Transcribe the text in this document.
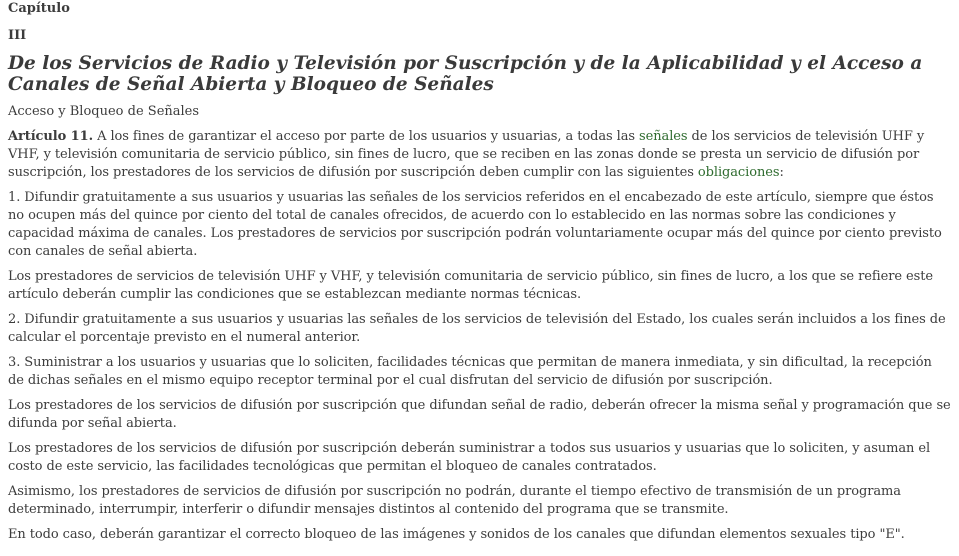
Capítulo
III
De los Servicios de Radio y Televisión por Suscripción y de la Aplicabilidad y el Acceso a Canales de Señal Abierta y Bloqueo de Señales
Acceso y Bloqueo de Señales

Artículo 11. A los fines de garantizar el acceso por parte de los usuarios y usuarias, a todas las señales de los servicios de televisión UHF y VHF, y televisión comunitaria de servicio público, sin fines de lucro, que se reciben en las zonas donde se presta un servicio de difusión por suscripción, los prestadores de los servicios de difusión por suscripción deben cumplir con las siguientes obligaciones:

1. Difundir gratuitamente a sus usuarios y usuarias las señales de los servicios referidos en el encabezado de este artículo, siempre que éstos no ocupen más del quince por ciento del total de canales ofrecidos, de acuerdo con lo establecido en las normas sobre las condiciones y capacidad máxima de canales. Los prestadores de servicios por suscripción podrán voluntariamente ocupar más del quince por ciento previsto con canales de señal abierta.

Los prestadores de servicios de televisión UHF y VHF, y televisión comunitaria de servicio público, sin fines de lucro, a los que se refiere este artículo deberán cumplir las condiciones que se establezcan mediante normas técnicas.

2. Difundir gratuitamente a sus usuarios y usuarias las señales de los servicios de televisión del Estado, los cuales serán incluidos a los fines de calcular el porcentaje previsto en el numeral anterior.

3. Suministrar a los usuarios y usuarias que lo soliciten, facilidades técnicas que permitan de manera inmediata, y sin dificultad, la recepción de dichas señales en el mismo equipo receptor terminal por el cual disfrutan del servicio de difusión por suscripción.

Los prestadores de los servicios de difusión por suscripción que difundan señal de radio, deberán ofrecer la misma señal y programación que se difunda por señal abierta.

Los prestadores de los servicios de difusión por suscripción deberán suministrar a todos sus usuarios y usuarias que lo soliciten, y asuman el costo de este servicio, las facilidades tecnológicas que permitan el bloqueo de canales contratados.

Asimismo, los prestadores de servicios de difusión por suscripción no podrán, durante el tiempo efectivo de transmisión de un programa determinado, interrumpir, interferir o difundir mensajes distintos al contenido del programa que se transmite.

En todo caso, deberán garantizar el correcto bloqueo de las imágenes y sonidos de los canales que difundan elementos sexuales tipo "E".
